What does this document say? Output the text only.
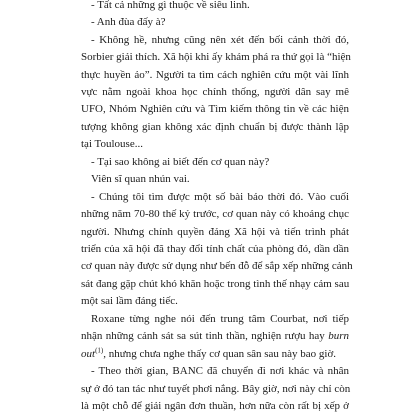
- Tất cả những gì thuộc về siêu linh.
- Anh đùa đấy à?
- Không hề, nhưng cũng nên xét đến bối cảnh thời đó,
Sorbier giải thích. Xã hội khi ấy khám phá ra thứ gọi là “hiện
thực huyền ảo”. Người ta tìm cách nghiên cứu một vài lĩnh
vực nằm ngoài khoa học chính thống, người dân say mê
UFO, Nhóm Nghiên cứu và Tìm kiếm thông tin về các hiện
tượng không gian không xác định chuẩn bị được thành lập
tại Toulouse...
- Tại sao không ai biết đến cơ quan này?
Viên sĩ quan nhún vai.
- Chúng tôi tìm được một số bài báo thời đó. Vào cuối
những năm 70-80 thế kỷ trước, cơ quan này có khoảng chục
người. Nhưng chính quyền đảng Xã hội và tiến trình phát
triển của xã hội đã thay đổi tính chất của phòng đó, dần dần
cơ quan này được sử dụng như bến đỗ để sắp xếp những cảnh
sát đang gặp chút khó khăn hoặc trong tình thế nhạy cảm sau
một sai lầm đáng tiếc.
Roxane từng nghe nói đến trung tâm Courbat, nơi tiếp
nhận những cảnh sát sa sút tinh thần, nghiện rượu hay burn
out$^{(1)}$, nhưng chưa nghe thấy cơ quan sân sau này bao giờ.
- Theo thời gian, BANC đã chuyển đi nơi khác và nhân
sự ở đó tan tác như tuyết phơi nắng. Bây giờ, nơi này chỉ còn
là một chỗ để giải ngân đơn thuần, hơn nữa còn rất bị xếp ở
